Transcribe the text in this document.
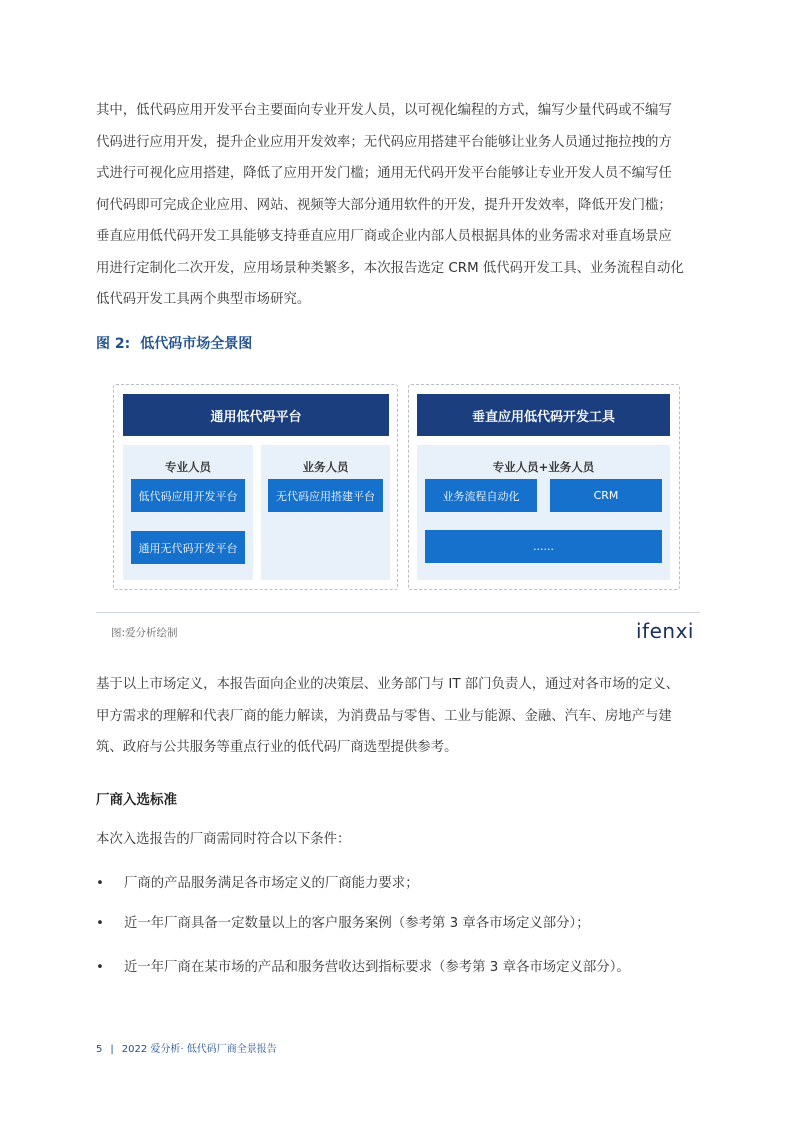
其中，低代码应用开发平台主要面向专业开发人员，以可视化编程的方式，编写少量代码或不编写
代码进行应用开发，提升企业应用开发效率；无代码应用搭建平台能够让业务人员通过拖拉拽的方
式进行可视化应用搭建，降低了应用开发门槛；通用无代码开发平台能够让专业开发人员不编写任
何代码即可完成企业应用、网站、视频等大部分通用软件的开发，提升开发效率，降低开发门槛；
垂直应用低代码开发工具能够支持垂直应用厂商或企业内部人员根据具体的业务需求对垂直场景应
用进行定制化二次开发，应用场景种类繁多，本次报告选定 CRM 低代码开发工具、业务流程自动化
低代码开发工具两个典型市场研究。
图 2: 低代码市场全景图
通用低代码平台
专业人员
低代码应用开发平台
通用无代码开发平台
业务人员
无代码应用搭建平台
垂直应用低代码开发工具
专业人员+业务人员
业务流程自动化	CRM
......
图:爱分析绘制	ifenxi
基于以上市场定义，本报告面向企业的决策层、业务部门与 IT 部门负责人，通过对各市场的定义、
甲方需求的理解和代表厂商的能力解读，为消费品与零售、工业与能源、金融、汽车、房地产与建
筑、政府与公共服务等重点行业的低代码厂商选型提供参考。
厂商入选标准
本次入选报告的厂商需同时符合以下条件：
• 厂商的产品服务满足各市场定义的厂商能力要求；
• 近一年厂商具备一定数量以上的客户服务案例（参考第 3 章各市场定义部分）；
• 近一年厂商在某市场的产品和服务营收达到指标要求（参考第 3 章各市场定义部分）。
5 | 2022 爱分析· 低代码厂商全景报告
